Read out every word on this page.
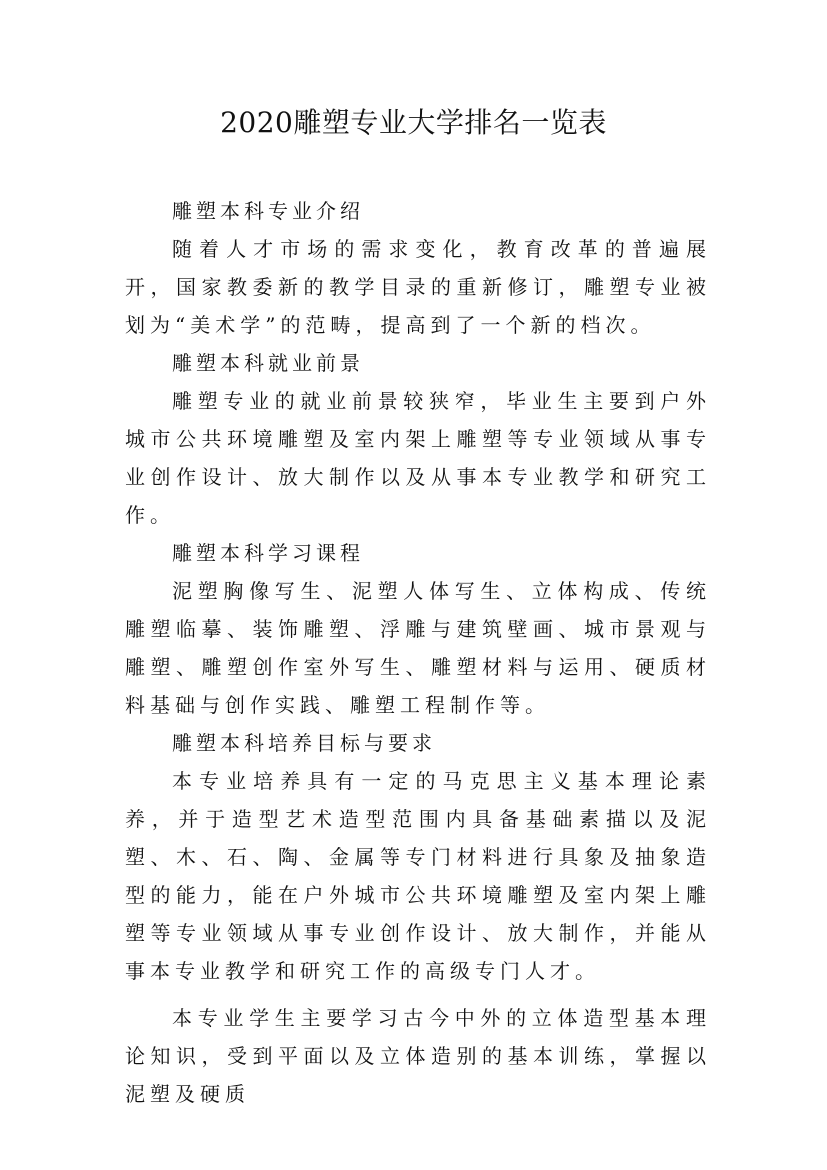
2020雕塑专业大学排名一览表

雕塑本科专业介绍

随着人才市场的需求变化，教育改革的普遍展开，国家教委新的教学目录的重新修订，雕塑专业被划为“美术学”的范畴，提高到了一个新的档次。

雕塑本科就业前景

雕塑专业的就业前景较狭窄，毕业生主要到户外城市公共环境雕塑及室内架上雕塑等专业领域从事专业创作设计、放大制作以及从事本专业教学和研究工作。

雕塑本科学习课程

泥塑胸像写生、泥塑人体写生、立体构成、传统雕塑临摹、装饰雕塑、浮雕与建筑壁画、城市景观与雕塑、雕塑创作室外写生、雕塑材料与运用、硬质材料基础与创作实践、雕塑工程制作等。

雕塑本科培养目标与要求

本专业培养具有一定的马克思主义基本理论素养，并于造型艺术造型范围内具备基础素描以及泥塑、木、石、陶、金属等专门材料进行具象及抽象造型的能力，能在户外城市公共环境雕塑及室内架上雕塑等专业领域从事专业创作设计、放大制作，并能从事本专业教学和研究工作的高级专门人才。

本专业学生主要学习古今中外的立体造型基本理论知识，受到平面以及立体造别的基本训练，掌握以泥塑及硬质
